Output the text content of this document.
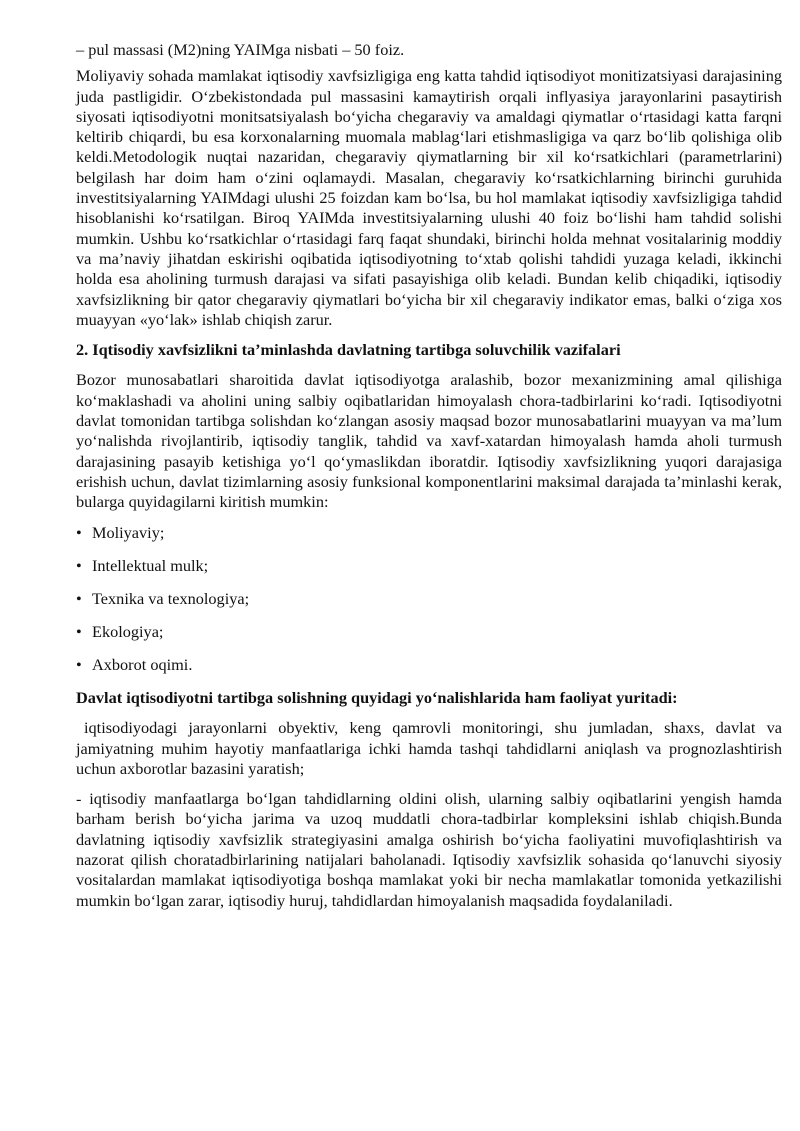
– pul massasi (M2)ning YAIMga nisbati – 50 foiz.

Moliyaviy sohada mamlakat iqtisodiy xavfsizligiga eng katta tahdid iqtisodiyot monitizatsiyasi darajasining juda pastligidir. O‘zbekistondada pul massasini kamaytirish orqali inflyasiya jarayonlarini pasaytirish siyosati iqtisodiyotni monitsatsiyalash bo‘yicha chegaraviy va amaldagi qiymatlar o‘rtasidagi katta farqni keltirib chiqardi, bu esa korxonalarning muomala mablag‘lari etishmasligiga va qarz bo‘lib qolishiga olib keldi.Metodologik nuqtai nazaridan, chegaraviy qiymatlarning bir xil ko‘rsatkichlari (parametrlarini) belgilash har doim ham o‘zini oqlamaydi. Masalan, chegaraviy ko‘rsatkichlarning birinchi guruhida investitsiyalarning YAIMdagi ulushi 25 foizdan kam bo‘lsa, bu hol mamlakat iqtisodiy xavfsizligiga tahdid hisoblanishi ko‘rsatilgan. Biroq YAIMda investitsiyalarning ulushi 40 foiz bo‘lishi ham tahdid solishi mumkin. Ushbu ko‘rsatkichlar o‘rtasidagi farq faqat shundaki, birinchi holda mehnat vositalarinig moddiy va ma’naviy jihatdan eskirishi oqibatida iqtisodiyotning to‘xtab qolishi tahdidi yuzaga keladi, ikkinchi holda esa aholining turmush darajasi va sifati pasayishiga olib keladi. Bundan kelib chiqadiki, iqtisodiy xavfsizlikning bir qator chegaraviy qiymatlari bo‘yicha bir xil chegaraviy indikator emas, balki o‘ziga xos muayyan «yo‘lak» ishlab chiqish zarur.

2. Iqtisodiy xavfsizlikni ta’minlashda davlatning tartibga soluvchilik vazifalari

Bozor munosabatlari sharoitida davlat iqtisodiyotga aralashib, bozor mexanizmining amal qilishiga ko‘maklashadi va aholini uning salbiy oqibatlaridan himoyalash chora-tadbirlarini ko‘radi. Iqtisodiyotni davlat tomonidan tartibga solishdan ko‘zlangan asosiy maqsad bozor munosabatlarini muayyan va ma’lum yo‘nalishda rivojlantirib, iqtisodiy tanglik, tahdid va xavf-xatardan himoyalash hamda aholi turmush darajasining pasayib ketishiga yo‘l qo‘ymaslikdan iboratdir. Iqtisodiy xavfsizlikning yuqori darajasiga erishish uchun, davlat tizimlarning asosiy funksional komponentlarini maksimal darajada ta’minlashi kerak, bularga quyidagilarni kiritish mumkin:

• Moliyaviy;
• Intellektual mulk;
• Texnika va texnologiya;
• Ekologiya;
• Axborot oqimi.
Davlat iqtisodiyotni tartibga solishning quyidagi yo‘nalishlarida ham faoliyat yuritadi:

iqtisodiyodagi jarayonlarni obyektiv, keng qamrovli monitoringi, shu jumladan, shaxs, davlat va jamiyatning muhim hayotiy manfaatlariga ichki hamda tashqi tahdidlarni aniqlash va prognozlashtirish uchun axborotlar bazasini yaratish;

- iqtisodiy manfaatlarga bo‘lgan tahdidlarning oldini olish, ularning salbiy oqibatlarini yengish hamda barham berish bo‘yicha jarima va uzoq muddatli chora-tadbirlar kompleksini ishlab chiqish.Bunda davlatning iqtisodiy xavfsizlik strategiyasini amalga oshirish bo‘yicha faoliyatini muvofiqlashtirish va nazorat qilish choratadbirlarining natijalari baholanadi. Iqtisodiy xavfsizlik sohasida qo‘lanuvchi siyosiy vositalardan mamlakat iqtisodiyotiga boshqa mamlakat yoki bir necha mamlakatlar tomonida yetkazilishi mumkin bo‘lgan zarar, iqtisodiy huruj, tahdidlardan himoyalanish maqsadida foydalaniladi.
